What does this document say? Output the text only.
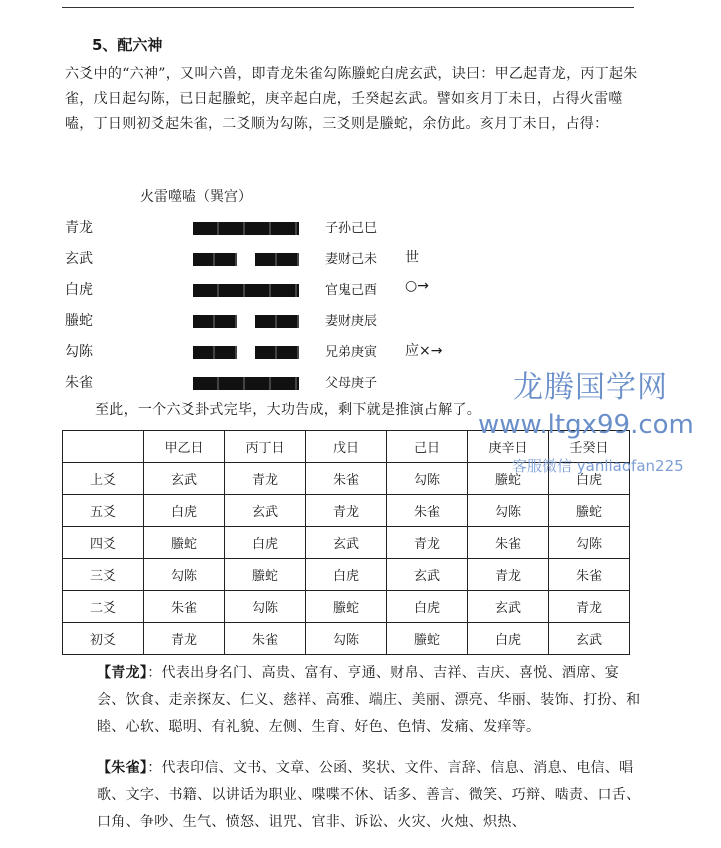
5、配六神
六爻中的“六神”，又叫六兽，即青龙朱雀勾陈螣蛇白虎玄武，诀曰：甲乙起青龙，丙丁起朱雀，戊日起勾陈，已日起螣蛇，庚辛起白虎，壬癸起玄武。譬如亥月丁未日，占得火雷噬嗑，丁日则初爻起朱雀，二爻顺为勾陈，三爻则是螣蛇，余仿此。亥月丁未日，占得：
火雷噬嗑（巽宫）
青龙	子孙己巳
玄武	妻财己未 世
白虎	官鬼己酉 ○→
螣蛇	妻财庚辰
勾陈	兄弟庚寅 应×→
朱雀	父母庚子
至此，一个六爻卦式完毕，大功告成，剩下就是推演占解了。
	甲乙日	丙丁日	戊日	己日	庚辛日	壬癸日
上爻	玄武	青龙	朱雀	勾陈	螣蛇	白虎
五爻	白虎	玄武	青龙	朱雀	勾陈	螣蛇
四爻	螣蛇	白虎	玄武	青龙	朱雀	勾陈
三爻	勾陈	螣蛇	白虎	玄武	青龙	朱雀
二爻	朱雀	勾陈	螣蛇	白虎	玄武	青龙
初爻	青龙	朱雀	勾陈	螣蛇	白虎	玄武
【青龙】：代表出身名门、高贵、富有、亨通、财帛、吉祥、吉庆、喜悦、酒席、宴会、饮食、走亲探友、仁义、慈祥、高雅、端庄、美丽、漂亮、华丽、装饰、打扮、和睦、心软、聪明、有礼貌、左侧、生育、好色、色情、发痛、发痒等。
【朱雀】：代表印信、文书、文章、公函、奖状、文件、言辞、信息、消息、电信、唱歌、文字、书籍、以讲话为职业、喋喋不休、话多、善言、微笑、巧辩、啮责、口舌、口角、争吵、生气、愤怒、诅咒、官非、诉讼、火灾、火烛、炽热、
龙腾国学网
www.ltgx99.com
客服微信 yanliaofan225
